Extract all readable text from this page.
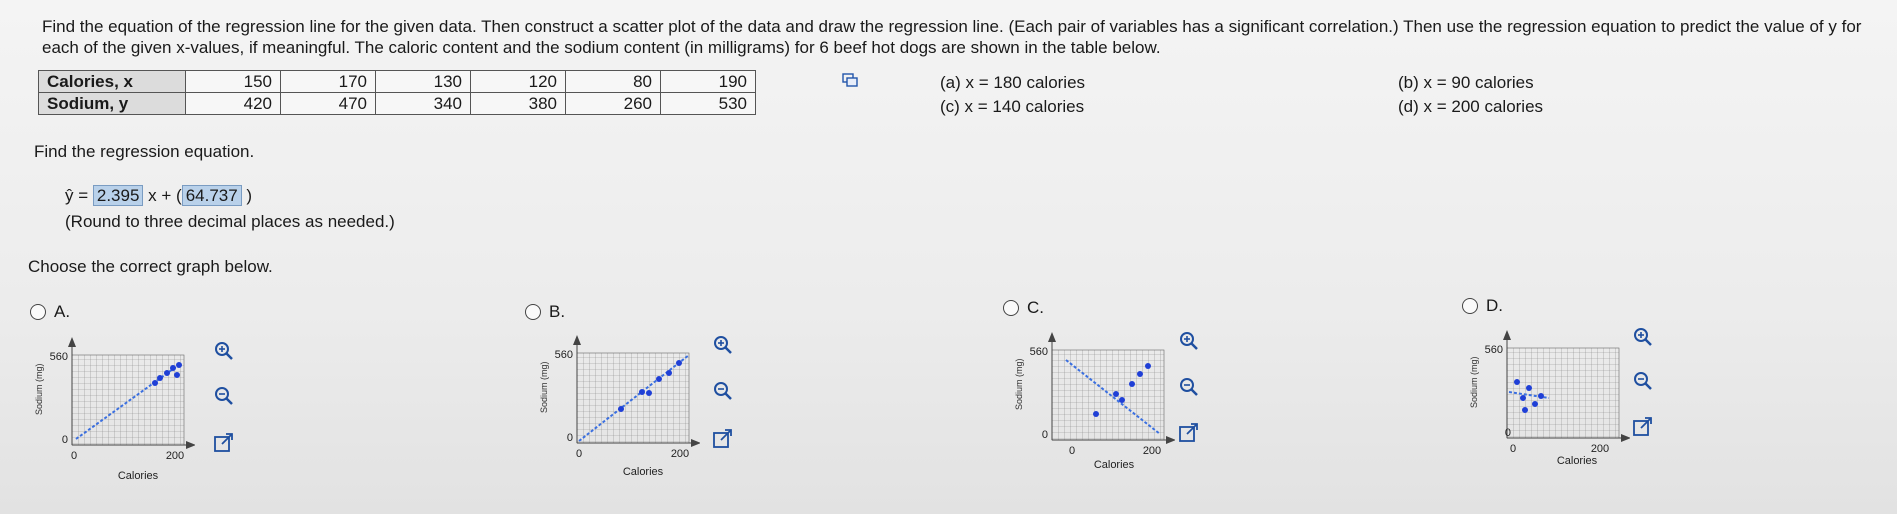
Find the equation of the regression line for the given data. Then construct a scatter plot of the data and draw the regression line. (Each pair of variables has a significant correlation.) Then use the regression equation to predict the value of y for each of the given x-values, if meaningful. The caloric content and the sodium content (in milligrams) for 6 beef hot dogs are shown in the table below.
Calories, x	150	170	130	120	80	190
Sodium, y	420	470	340	380	260	530
(a) x = 180 calories
(c) x = 140 calories
(b) x = 90 calories
(d) x = 200 calories
Find the regression equation.
ŷ = 2.395 x + ( 64.737 )
(Round to three decimal places as needed.)
Choose the correct graph below.
A.
Sodium (mg)
560
0
0	200
Calories
B.
Sodium (mg)
560
0
0	200
Calories
C.
Sodium (mg)
560
0
0	200
Calories
D.
Sodium (mg)
560
0
0	200
Calories
